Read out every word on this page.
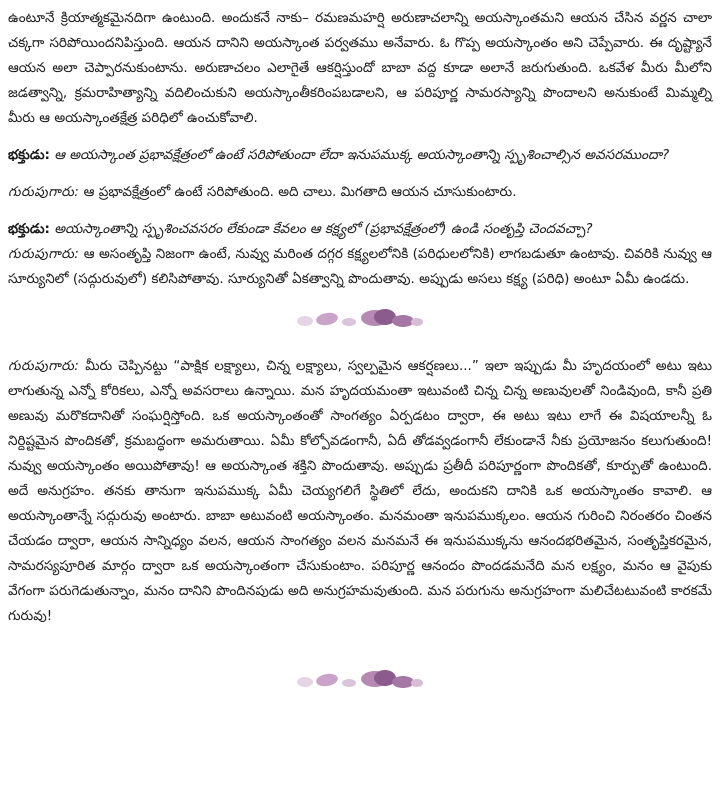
ఉంటూనే క్రియాత్మకమైనదిగా ఉంటుంది. అందుకనే నాకు– రమణమహర్షి అరుణాచలాన్ని అయస్కాంతమని ఆయన చేసిన వర్ణన చాలా చక్కగా సరిపోయిందనిపిస్తుంది. ఆయన దానిని అయస్కాంత పర్వతము అనేవారు. ఓ గొప్ప అయస్కాంతం అని చెప్పేవారు. ఈ దృష్ట్యానే ఆయన అలా చెప్పారనుకుంటాను. అరుణాచలం ఎలాగైతే ఆకర్షిస్తుందో బాబా వద్ద కూడా అలానే జరుగుతుంది. ఒకవేళ మీరు మీలోని జడత్వాన్ని, క్రమరాహిత్యాన్ని వదిలించుకుని అయస్కాంతీకరింపబడాలని, ఆ పరిపూర్ణ సామరస్యాన్ని పొందాలని అనుకుంటే మిమ్మల్ని మీరు ఆ అయస్కాంతక్షేత్ర పరిధిలో ఉంచుకోవాలి.

భక్తుడు: ఆ అయస్కాంత ప్రభావక్షేత్రంలో ఉంటే సరిపోతుందా లేదా ఇనుపముక్క అయస్కాంతాన్ని స్పృశించాల్సిన అవసరముందా?

గురుపుగారు: ఆ ప్రభావక్షేత్రంలో ఉంటే సరిపోతుంది. అది చాలు. మిగతాది ఆయన చూసుకుంటారు.

భక్తుడు: అయస్కాంతాన్ని స్పృశించవసరం లేకుండా కేవలం ఆ కక్ష్యలో (ప్రభావక్షేత్రంలో) ఉండి సంతృప్తి చెందవచ్చా?

గురుపుగారు: ఆ అసంతృప్తి నిజంగా ఉంటే, నువ్వు మరింత దగ్గర కక్ష్యలలోనికి (పరిధులలోనికి) లాగబడుతూ ఉంటావు. చివరికి నువ్వు ఆ సూర్యునిలో (సద్గురువులో) కలిసిపోతావు. సూర్యునితో ఏకత్వాన్ని పొందుతావు. అప్పుడు అసలు కక్ష్య (పరిధి) అంటూ ఏమీ ఉండదు.

గురుపుగారు: మీరు చెప్పినట్టు “పాక్షిక లక్ష్యాలు, చిన్న లక్ష్యాలు, స్వల్పమైన ఆకర్షణలు...” ఇలా ఇప్పుడు మీ హృదయంలో అటు ఇటు లాగుతున్న ఎన్నో కోరికలు, ఎన్నో అవసరాలు ఉన్నాయి. మన హృదయమంతా ఇటువంటి చిన్న చిన్న అణువులతో నిండివుంది, కానీ ప్రతి అణువు మరొకదానితో సంఘర్షిస్తోంది. ఒక అయస్కాంతంతో సాంగత్యం ఏర్పడటం ద్వారా, ఈ అటు ఇటు లాగే ఈ విషయాలన్నీ ఓ నిర్దిష్టమైన పొందికతో, క్రమబద్ధంగా అమరుతాయి. ఏమీ కోల్పోవడంగానీ, ఏదీ తోడవ్వడంగానీ లేకుండానే నీకు ప్రయోజనం కలుగుతుంది! నువ్వు అయస్కాంతం అయిపోతావు! ఆ అయస్కాంత శక్తిని పొందుతావు. అప్పుడు ప్రతీదీ పరిపూర్ణంగా పొందికతో, కూర్పుతో ఉంటుంది. అదే అనుగ్రహం. తనకు తానుగా ఇనుపముక్క ఏమీ చెయ్యగలిగే స్థితిలో లేదు, అందుకని దానికి ఒక అయస్కాంతం కావాలి. ఆ అయస్కాంతాన్నే సద్గురువు అంటారు. బాబా అటువంటి అయస్కాంతం. మనమంతా ఇనుపముక్కలం. ఆయన గురించి నిరంతరం చింతన చేయడం ద్వారా, ఆయన సాన్నిధ్యం వలన, ఆయన సాంగత్యం వలన మనమనే ఈ ఇనుపముక్కను ఆనందభరితమైన, సంతృప్తికరమైన, సామరస్యపూరిత మార్గం ద్వారా ఒక అయస్కాంతంగా చేసుకుంటాం. పరిపూర్ణ ఆనందం పొందడమనేది మన లక్ష్యం, మనం ఆ వైపుకు వేగంగా పరుగెడుతున్నాం, మనం దానిని పొందినపుడు అది అనుగ్రహమవుతుంది. మన పరుగును అనుగ్రహంగా మలిచేటటువంటి కారకమే గురువు!
